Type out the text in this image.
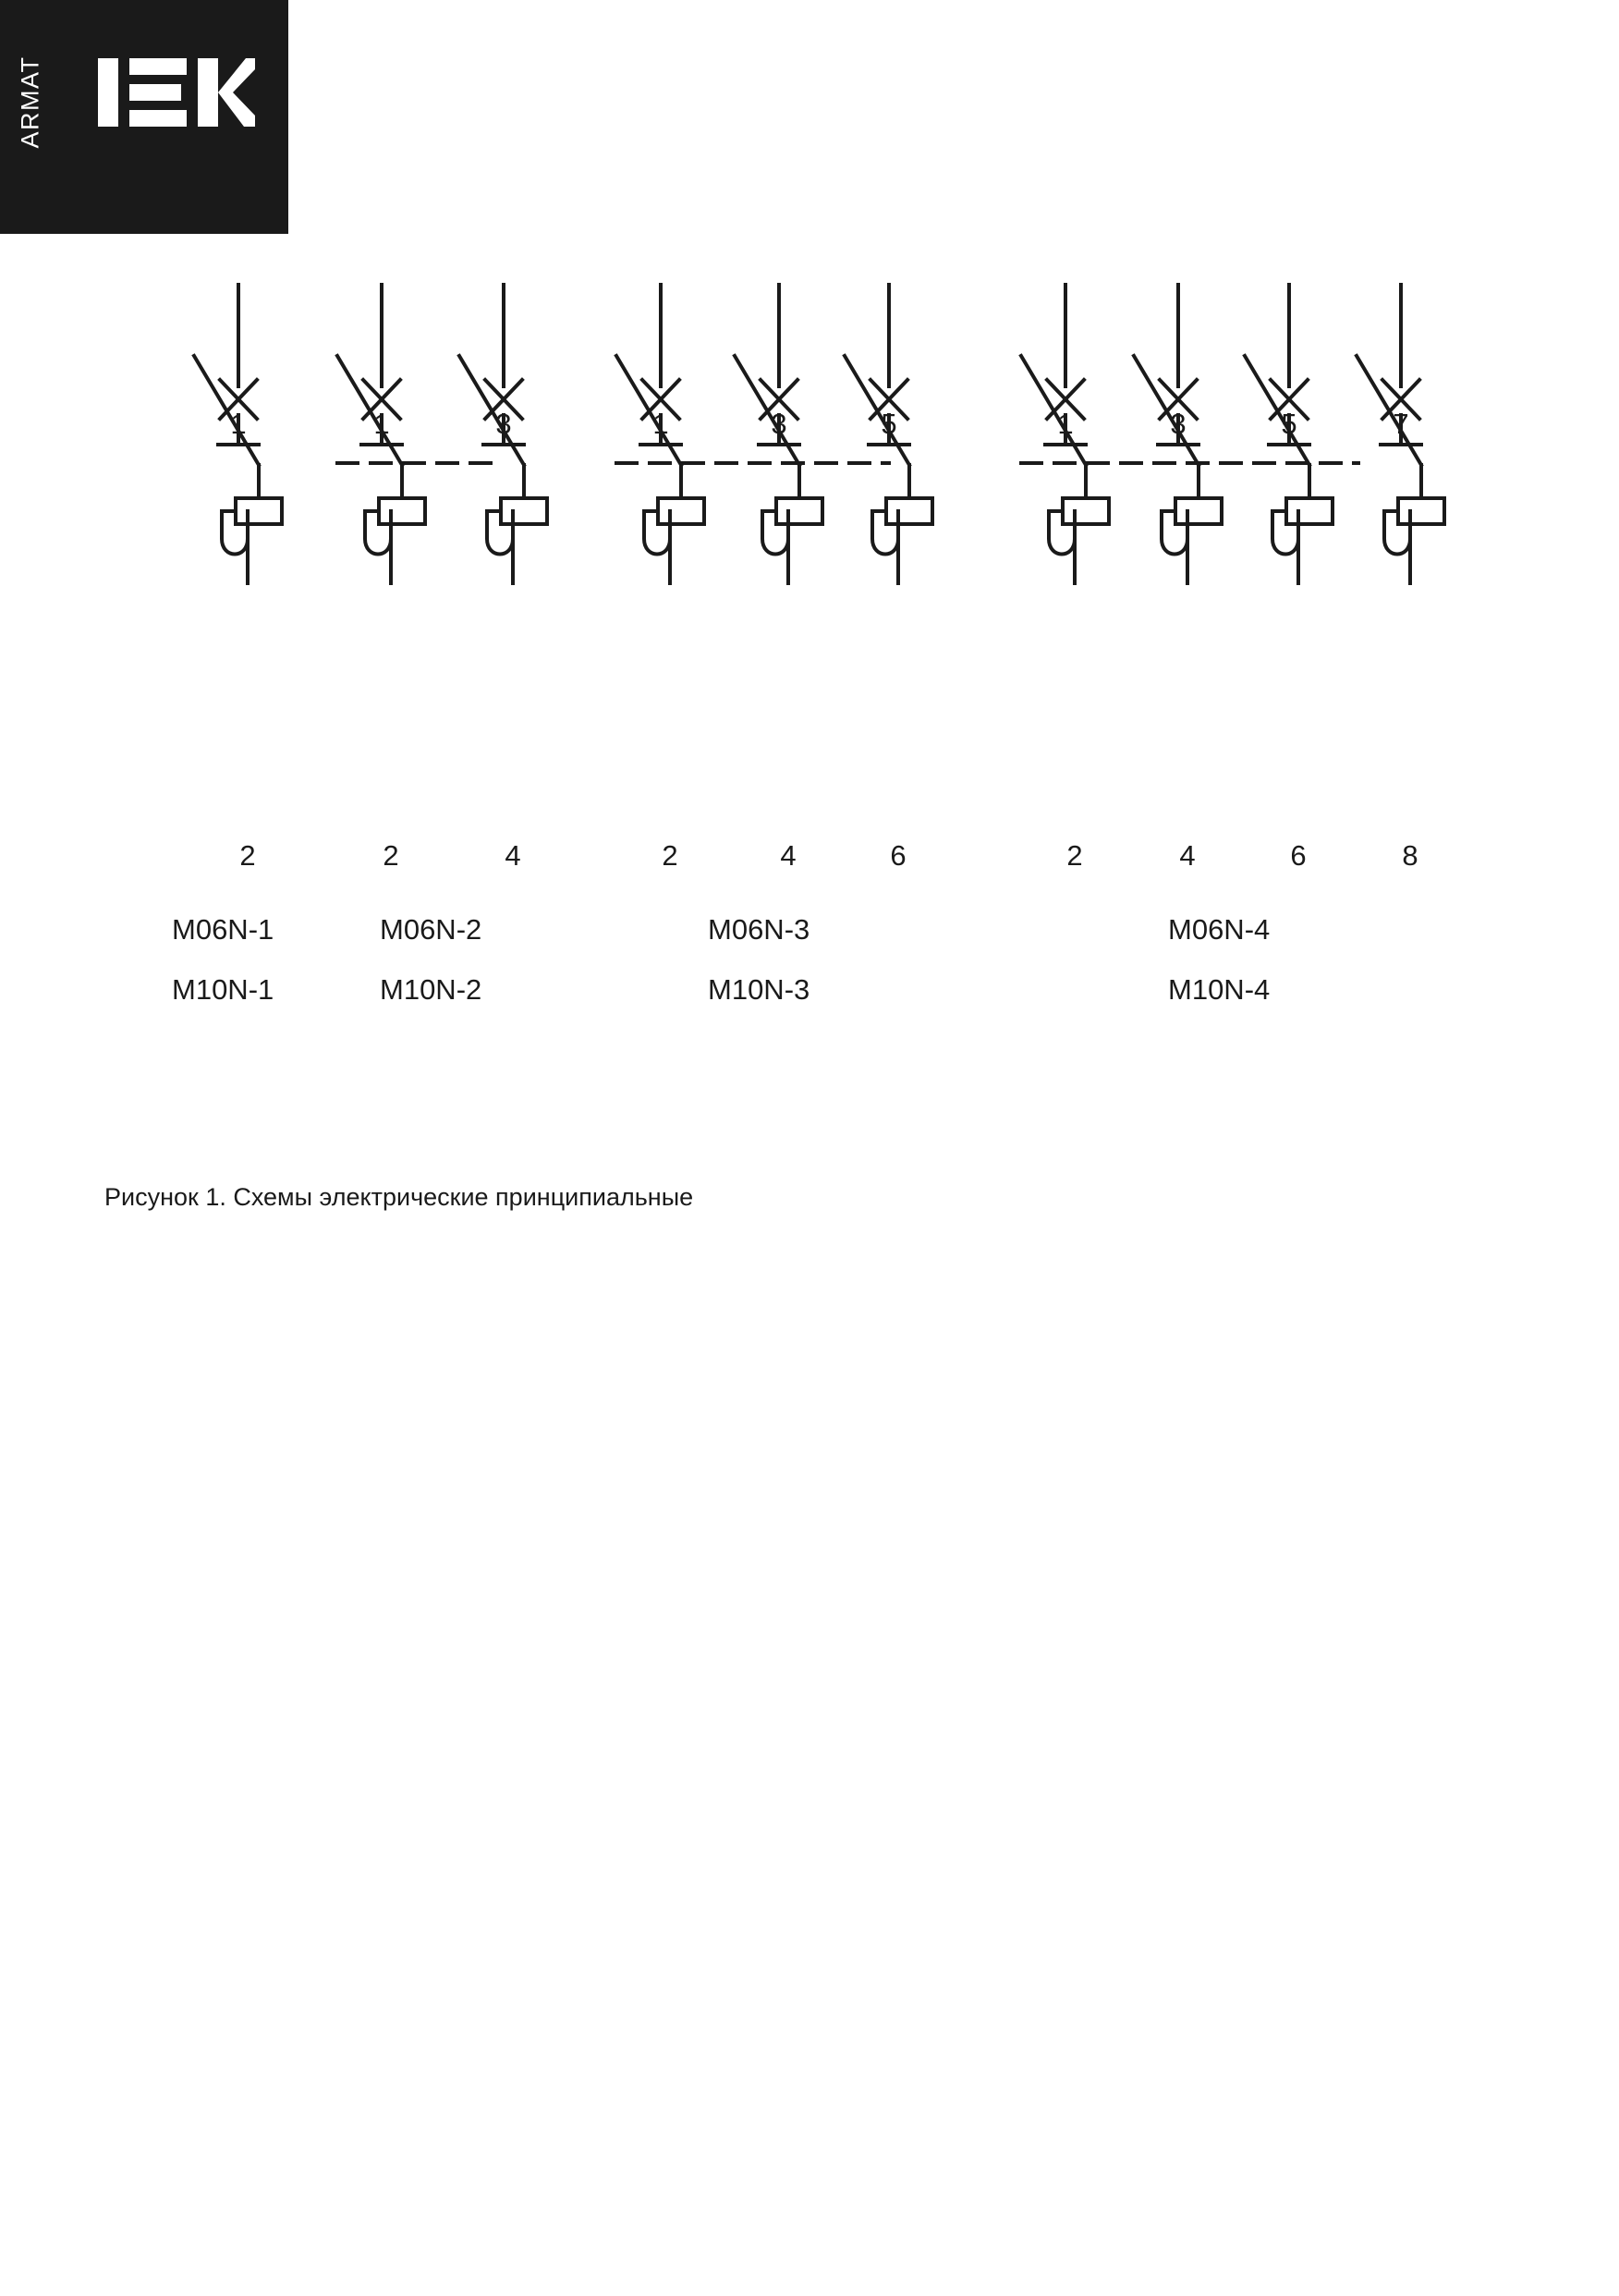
ARMAT
1	1	3	1	3	5	1	3	5	7
2	2	4	2	4	6	2	4	6	8
M06N-1
M10N-1
M06N-2
M10N-2
M06N-3
M10N-3
M06N-4
M10N-4
Рисунок 1. Схемы электрические принципиальные
